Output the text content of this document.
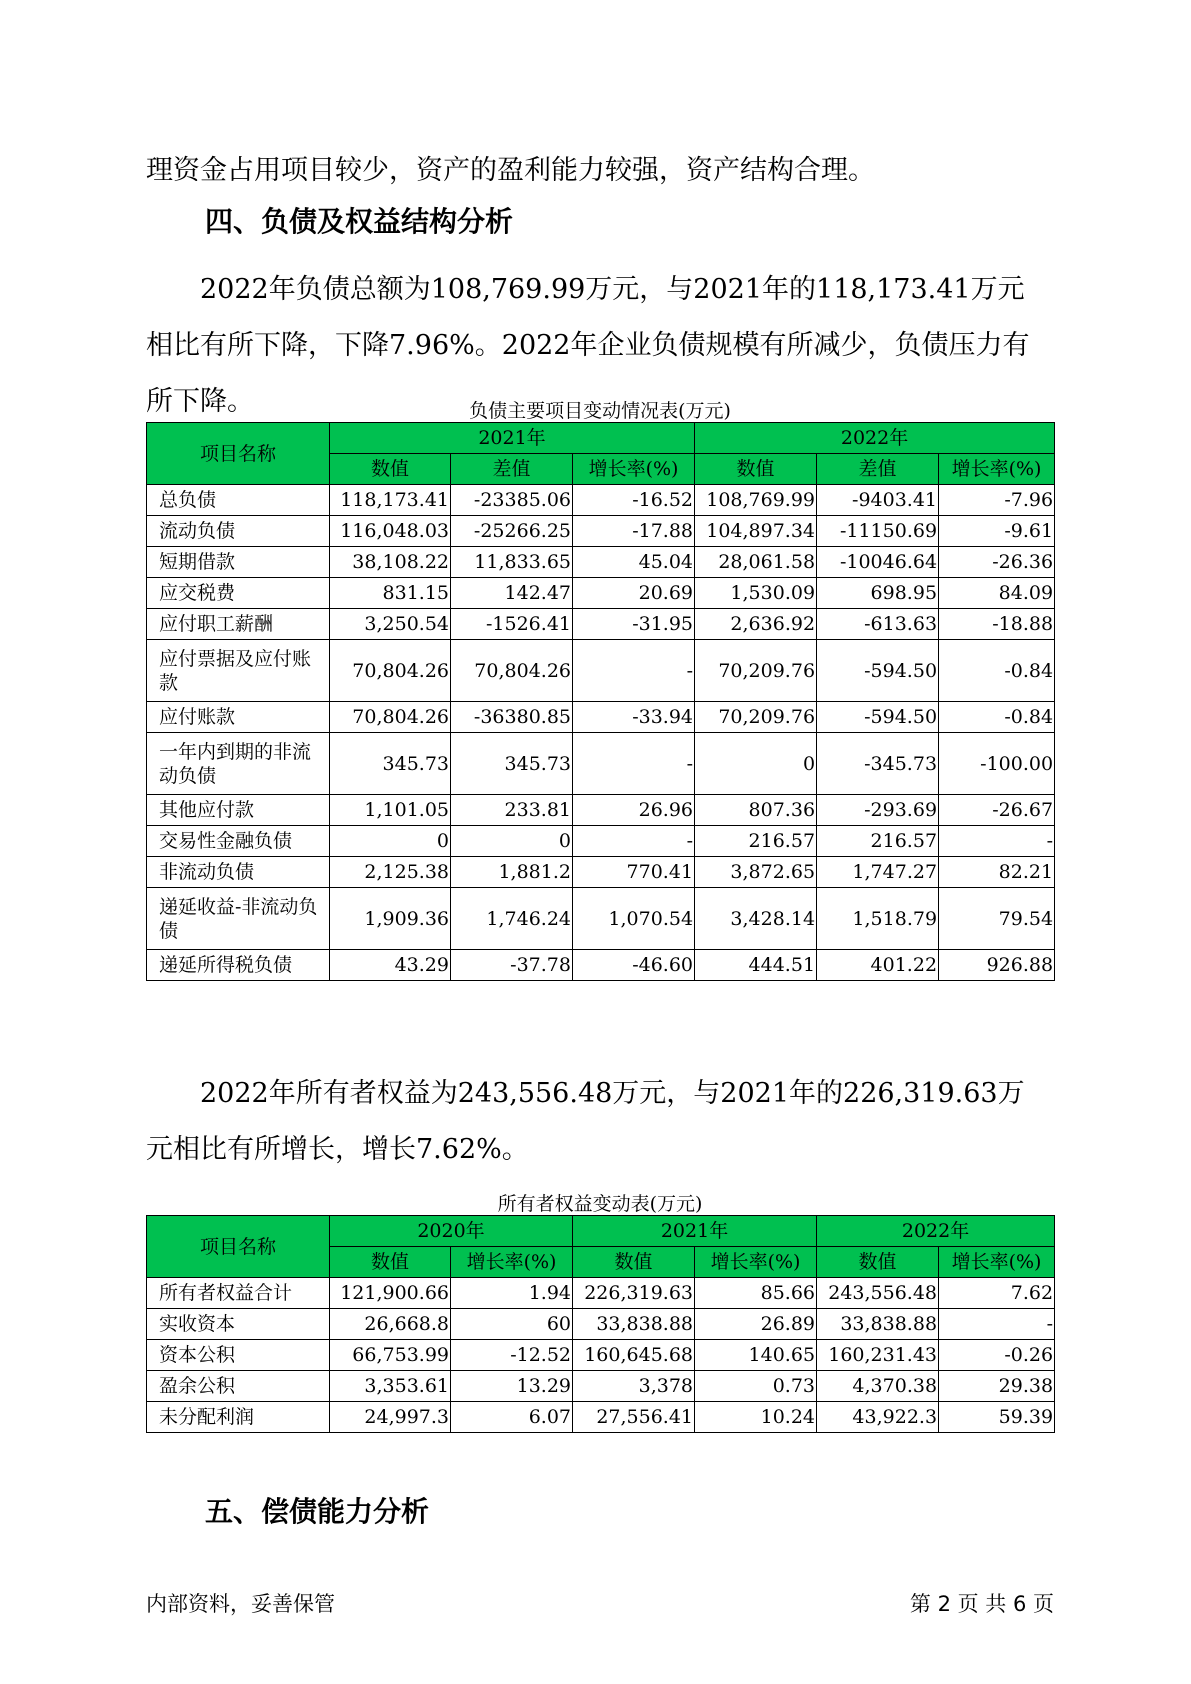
理资金占用项目较少，资产的盈利能力较强，资产结构合理。

四、负债及权益结构分析

2022年负债总额为108,769.99万元，与2021年的118,173.41万元相比有所下降，下降7.96%。2022年企业负债规模有所减少，负债压力有所下降。	负债主要项目变动情况表(万元)
项目名称	2021年			2022年		
	数值	差值	增长率(%)	数值	差值	增长率(%)
总负债	118,173.41	-23385.06	-16.52	108,769.99	-9403.41	-7.96
流动负债	116,048.03	-25266.25	-17.88	104,897.34	-11150.69	-9.61
短期借款	38,108.22	11,833.65	45.04	28,061.58	-10046.64	-26.36
应交税费	831.15	142.47	20.69	1,530.09	698.95	84.09
应付职工薪酬	3,250.54	-1526.41	-31.95	2,636.92	-613.63	-18.88
应付票据及应付账款	70,804.26	70,804.26	-	70,209.76	-594.50	-0.84
应付账款	70,804.26	-36380.85	-33.94	70,209.76	-594.50	-0.84
一年内到期的非流动负债	345.73	345.73	-	0	-345.73	-100.00
其他应付款	1,101.05	233.81	26.96	807.36	-293.69	-26.67
交易性金融负债	0	0	-	216.57	216.57	-
非流动负债	2,125.38	1,881.2	770.41	3,872.65	1,747.27	82.21
递延收益-非流动负债	1,909.36	1,746.24	1,070.54	3,428.14	1,518.79	79.54
递延所得税负债	43.29	-37.78	-46.60	444.51	401.22	926.88

2022年所有者权益为243,556.48万元，与2021年的226,319.63万元相比有所增长，增长7.62%。

所有者权益变动表(万元)
项目名称	2020年		2021年		2022年	
	数值	增长率(%)	数值	增长率(%)	数值	增长率(%)
所有者权益合计	121,900.66	1.94	226,319.63	85.66	243,556.48	7.62
实收资本	26,668.8	60	33,838.88	26.89	33,838.88	-
资本公积	66,753.99	-12.52	160,645.68	140.65	160,231.43	-0.26
盈余公积	3,353.61	13.29	3,378	0.73	4,370.38	29.38
未分配利润	24,997.3	6.07	27,556.41	10.24	43,922.3	59.39
五、偿债能力分析
内部资料，妥善保管	第 2 页 共 6 页
